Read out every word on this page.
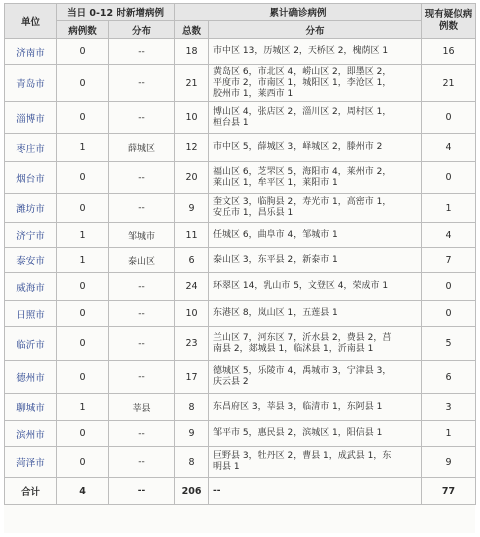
单位	当日 0-12 时新增病例		累计确诊病例		现有疑似病例数
	病例数	分布	总数	分布	
济南市	0	--	18	市中区 13，历城区 2，天桥区 2，槐荫区 1	16
青岛市	0	--	21	黄岛区 6，市北区 4，崂山区 2，即墨区 2，
平度市 2，市南区 1，城阳区 1，李沧区 1，
胶州市 1，莱西市 1	21
淄博市	0	--	10	博山区 4，张店区 2，淄川区 2，周村区 1，
桓台县 1	0
枣庄市	1	薛城区	12	市中区 5，薛城区 3，峄城区 2，滕州市 2	4
烟台市	0	--	20	福山区 6，芝罘区 5，海阳市 4，莱州市 2，
莱山区 1，牟平区 1，莱阳市 1	0
潍坊市	0	--	9	奎文区 3，临朐县 2，寿光市 1，高密市 1，
安丘市 1，昌乐县 1	1
济宁市	1	邹城市	11	任城区 6，曲阜市 4，邹城市 1	4
泰安市	1	泰山区	6	泰山区 3，东平县 2，新泰市 1	7
威海市	0	--	24	环翠区 14，乳山市 5，文登区 4，荣成市 1	0
日照市	0	--	10	东港区 8，岚山区 1，五莲县 1	0
临沂市	0	--	23	兰山区 7，河东区 7，沂水县 2，费县 2，莒
南县 2，郯城县 1，临沭县 1，沂南县 1	5
德州市	0	--	17	德城区 5，乐陵市 4，禹城市 3，宁津县 3，
庆云县 2	6
聊城市	1	莘县	8	东昌府区 3，莘县 3，临清市 1，东阿县 1	3
滨州市	0	--	9	邹平市 5，惠民县 2，滨城区 1，阳信县 1	1
菏泽市	0	--	8	巨野县 3，牡丹区 2，曹县 1，成武县 1，东
明县 1	9
合计	4	--	206	--	77
